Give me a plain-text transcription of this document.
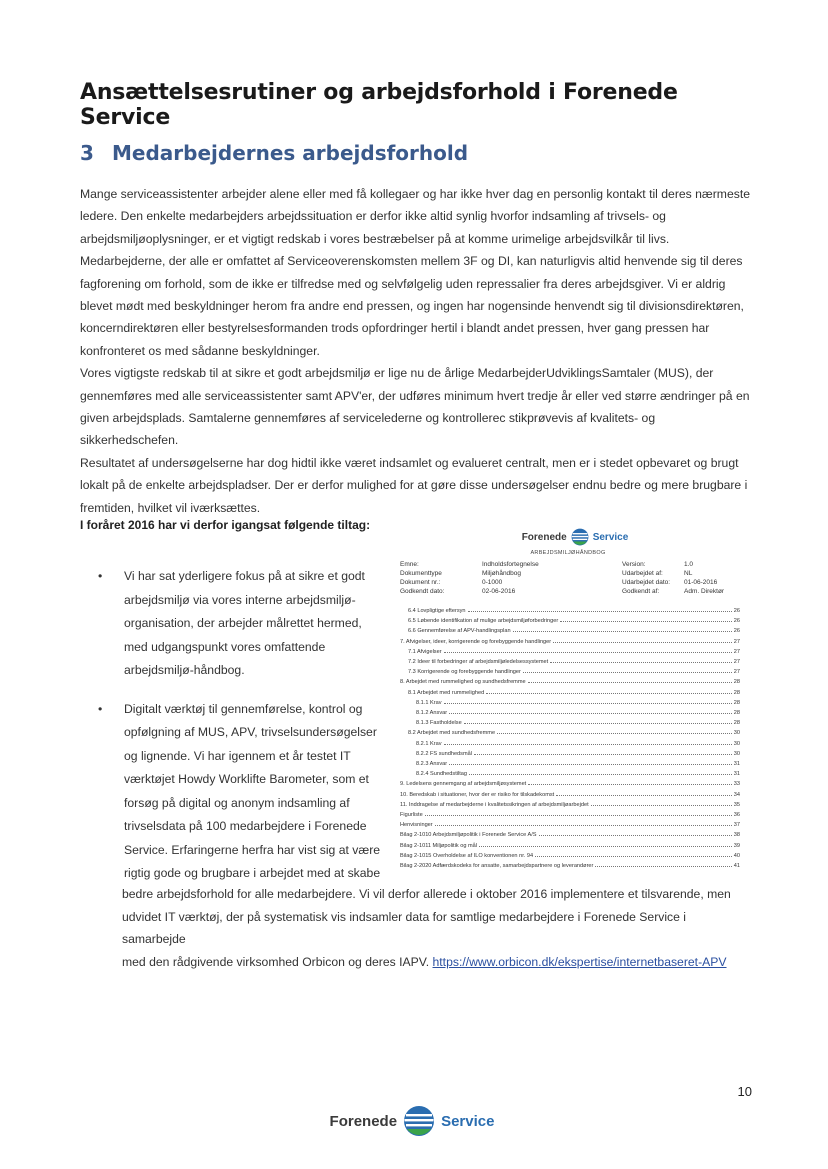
Ansættelsesrutiner og arbejdsforhold i Forenede Service
3 Medarbejdernes arbejdsforhold

Mange serviceassistenter arbejder alene eller med få kollegaer og har ikke hver dag en personlig kontakt til deres nærmeste
ledere. Den enkelte medarbejders arbejdssituation er derfor ikke altid synlig hvorfor indsamling af trivsels- og
arbejdsmiljøoplysninger, er et vigtigt redskab i vores bestræbelser på at komme urimelige arbejdsvilkår til livs.

Medarbejderne, der alle er omfattet af Serviceoverenskomsten mellem 3F og DI, kan naturligvis altid henvende sig til deres
fagforening om forhold, som de ikke er tilfredse med og selvfølgelig uden repressalier fra deres arbejdsgiver. Vi er aldrig
blevet mødt med beskyldninger herom fra andre end pressen, og ingen har nogensinde henvendt sig til divisionsdirektøren,
koncerndirektøren eller bestyrelsesformanden trods opfordringer hertil i blandt andet pressen, hver gang pressen har
konfronteret os med sådanne beskyldninger.

Vores vigtigste redskab til at sikre et godt arbejdsmiljø er lige nu de årlige MedarbejderUdviklingsSamtaler (MUS), der
gennemføres med alle serviceassistenter samt APV'er, der udføres minimum hvert tredje år eller ved større ændringer på en
given arbejdsplads. Samtalerne gennemføres af servicelederne og kontrollerес stikprøvevis af kvalitets- og sikkerhedschefen.
Resultatet af undersøgelserne har dog hidtil ikke været indsamlet og evalueret centralt, men er i stedet opbevaret og brugt
lokalt på de enkelte arbejdspladser. Der er derfor mulighed for at gøre disse undersøgelser endnu bedre og mere brugbare i
fremtiden, hvilket vil iværksættes.

I foråret 2016 har vi derfor igangsat følgende tiltag:
• Vi har sat yderligere fokus på at sikre et godt
arbejdsmiljø via vores interne arbejdsmiljø-
organisation, der arbejder målrettet hermed,
med udgangspunkt vores omfattende
arbejdsmiljø-håndbog.
• Digitalt værktøj til gennemførelse, kontrol og
opfølgning af MUS, APV, trivselsundersøgelser
og lignende. Vi har igennem et år testet IT
værktøjet Howdy Worklifte Barometer, som et
forsøg på digital og anonym indsamling af
trivselsdata på 100 medarbejdere i Forenede
Service. Erfaringerne herfra har vist sig at være
rigtig gode og brugbare i arbejdet med at skabe

bedre arbejdsforhold for alle medarbejdere. Vi vil derfor allerede i oktober 2016 implementere et tilsvarende, men
udvidet IT værktøj, der på systematisk vis indsamler data for samtlige medarbejdere i Forenede Service i samarbejde
med den rådgivende virksomhed Orbicon og deres IAPV. https://www.orbicon.dk/ekspertise/internetbaseret-APV

Forenede	Service
ARBEJDSMILJØHÅNDBOG
Emne:	Indholdsfortegnelse	Version:	1.0
Dokumenttype	Miljøhåndbog	Udarbejdet af:	NL
Dokument nr.:	0-1000	Udarbejdet dato:	01-06-2016
Godkendt dato:	02-06-2016	Godkendt af:	Adm. Direktør
6.4 Lovpligtige eftersyn	26
6.5 Løbende identifikation af mulige arbejdsmiljøforbedringer	26
6.6 Gennemførelse af APV-handlingsplan	26
7. Afvigelser, ideer, korrigerende og forebyggende handlinger	27
7.1 Afvigelser	27
7.2 Ideer til forbedringer af arbejdsmiljøledelsessystemet	27
7.3 Korrigerende og forebyggende handlinger	27
8. Arbejdet med rummelighed og sundhedsfremme	28
8.1 Arbejdet med rummelighed	28
8.1.1 Krav	28
8.1.2 Ansvar	28
8.1.3 Fastholdelse	28
8.2 Arbejdet med sundhedsfremme	30
8.2.1 Krav	30
8.2.2 FS sundhedsmål	30
8.2.3 Ansvar	31
8.2.4 Sundhedstiltag	31
9. Ledelsens gennemgang af arbejdsmiljøsystemet	33
10. Beredskab i situationer, hvor der er risiko for tilskadekomst	34
11. Inddragelse af medarbejderne i kvalitetssikringen af arbejdsmiljøarbejdet	35
Figurliste	36
Henvisninger	37
Bilag 2-1010 Arbejdsmiljøpolitik i Forenede Service A/S	38
Bilag 2-1011 Miljøpolitik og mål	39
Bilag 2-1015 Overholdelse af ILO konventionen nr. 94	40
Bilag 2-2020 Adfærdskodeks for ansatte, samarbejdspartnere og leverandører	41
10
Forenede	Service
